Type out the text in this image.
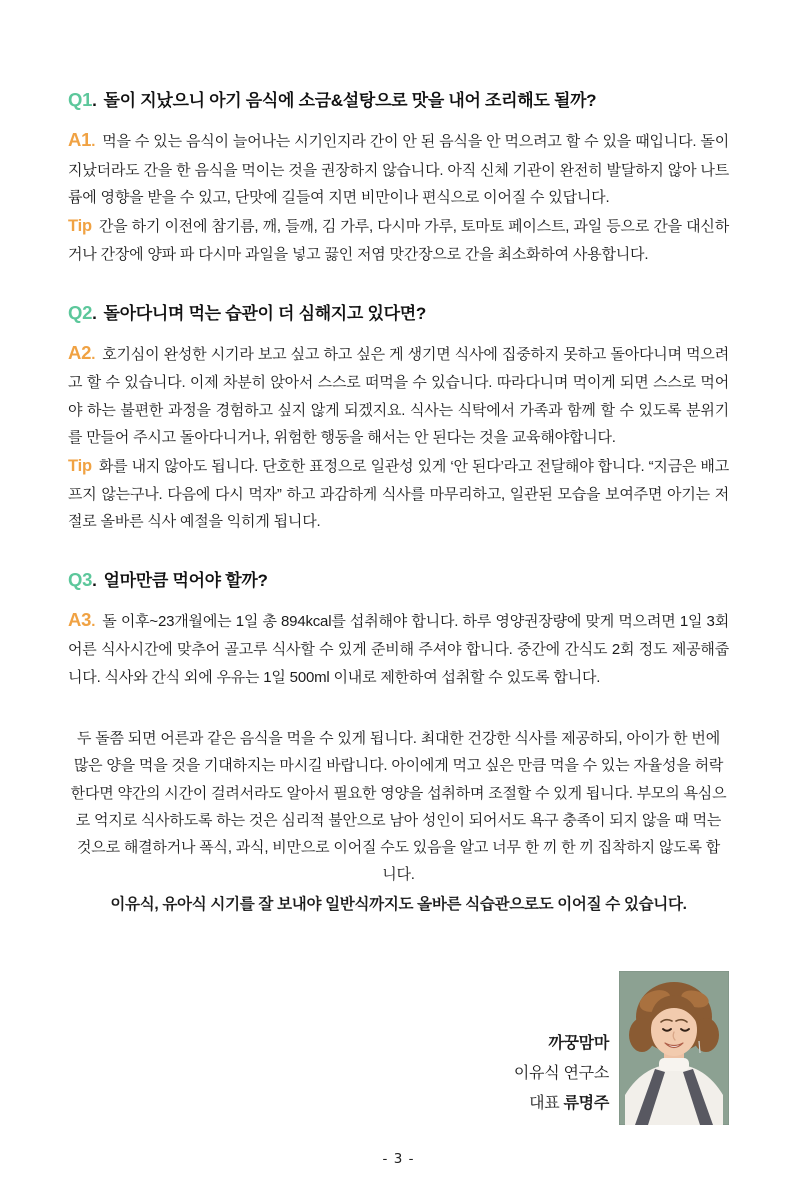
Q1. 돌이 지났으니 아기 음식에 소금&설탕으로 맛을 내어 조리해도 될까?

A1. 먹을 수 있는 음식이 늘어나는 시기인지라 간이 안 된 음식을 안 먹으려고 할 수 있을 때입니다. 돌이 지났더라도 간을 한 음식을 먹이는 것을 권장하지 않습니다. 아직 신체 기관이 완전히 발달하지 않아 나트륨에 영향을 받을 수 있고, 단맛에 길들여 지면 비만이나 편식으로 이어질 수 있답니다.

Tip 간을 하기 이전에 참기름, 깨, 들깨, 김 가루, 다시마 가루, 토마토 페이스트, 과일 등으로 간을 대신하거나 간장에 양파 파 다시마 과일을 넣고 끓인 저염 맛간장으로 간을 최소화하여 사용합니다.

Q2. 돌아다니며 먹는 습관이 더 심해지고 있다면?

A2. 호기심이 완성한 시기라 보고 싶고 하고 싶은 게 생기면 식사에 집중하지 못하고 돌아다니며 먹으려고 할 수 있습니다. 이제 차분히 앉아서 스스로 떠먹을 수 있습니다. 따라다니며 먹이게 되면 스스로 먹어야 하는 불편한 과정을 경험하고 싶지 않게 되겠지요. 식사는 식탁에서 가족과 함께 할 수 있도록 분위기를 만들어 주시고 돌아다니거나, 위험한 행동을 해서는 안 된다는 것을 교육해야합니다.

Tip 화를 내지 않아도 됩니다. 단호한 표정으로 일관성 있게 ‘안 된다’라고 전달해야 합니다. “지금은 배고프지 않는구나. 다음에 다시 먹자” 하고 과감하게 식사를 마무리하고, 일관된 모습을 보여주면 아기는 저절로 올바른 식사 예절을 익히게 됩니다.

Q3. 얼마만큼 먹어야 할까?

A3. 돌 이후~23개월에는 1일 총 894kcal를 섭취해야 합니다. 하루 영양권장량에 맞게 먹으려면 1일 3회 어른 식사시간에 맞추어 골고루 식사할 수 있게 준비해 주셔야 합니다. 중간에 간식도 2회 정도 제공해줍니다. 식사와 간식 외에 우유는 1일 500ml 이내로 제한하여 섭취할 수 있도록 합니다.

두 돌쯤 되면 어른과 같은 음식을 먹을 수 있게 됩니다. 최대한 건강한 식사를 제공하되, 아이가 한 번에 많은 양을 먹을 것을 기대하지는 마시길 바랍니다. 아이에게 먹고 싶은 만큼 먹을 수 있는 자율성을 허락한다면 약간의 시간이 걸려서라도 알아서 필요한 영양을 섭취하며 조절할 수 있게 됩니다. 부모의 욕심으로 억지로 식사하도록 하는 것은 심리적 불안으로 남아 성인이 되어서도 욕구 충족이 되지 않을 때 먹는 것으로 해결하거나 폭식, 과식, 비만으로 이어질 수도 있음을 알고 너무 한 끼 한 끼 집착하지 않도록 합니다.

이유식, 유아식 시기를 잘 보내야 일반식까지도 올바른 식습관으로도 이어질 수 있습니다.

까꿍맘마
이유식 연구소
대표 류명주
- 3 -
